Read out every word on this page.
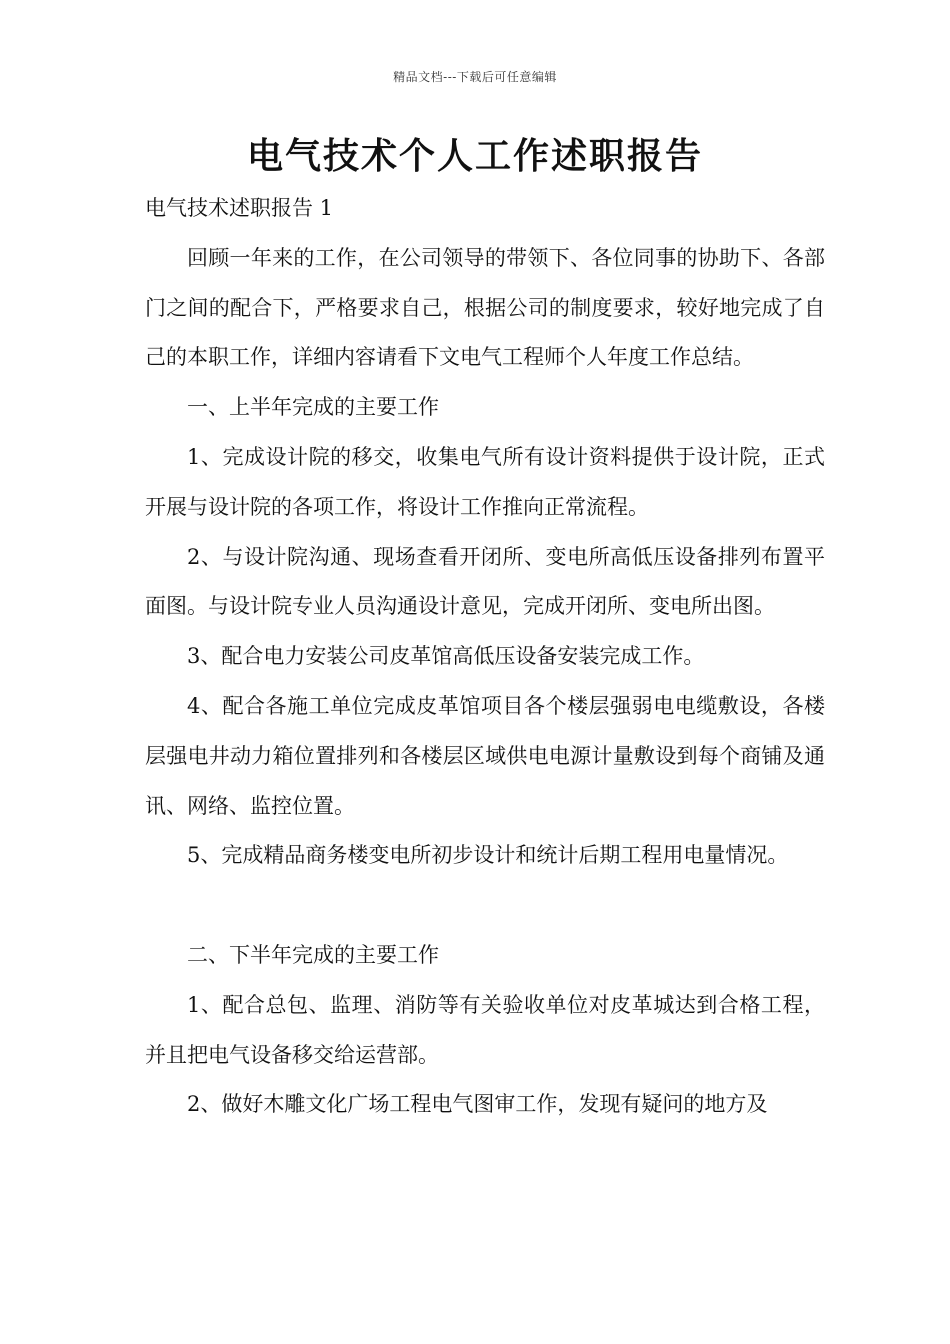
精品文档---下载后可任意编辑
电气技术个人工作述职报告

电气技术述职报告 1

回顾一年来的工作，在公司领导的带领下、各位同事的协助下、各部门之间的配合下，严格要求自己，根据公司的制度要求，较好地完成了自己的本职工作，详细内容请看下文电气工程师个人年度工作总结。

一、上半年完成的主要工作

1、完成设计院的移交，收集电气所有设计资料提供于设计院，正式开展与设计院的各项工作，将设计工作推向正常流程。

2、与设计院沟通、现场查看开闭所、变电所高低压设备排列布置平面图。与设计院专业人员沟通设计意见，完成开闭所、变电所出图。

3、配合电力安装公司皮革馆高低压设备安装完成工作。

4、配合各施工单位完成皮革馆项目各个楼层强弱电电缆敷设，各楼层强电井动力箱位置排列和各楼层区域供电电源计量敷设到每个商铺及通讯、网络、监控位置。

5、完成精品商务楼变电所初步设计和统计后期工程用电量情况。

二、下半年完成的主要工作

1、配合总包、监理、消防等有关验收单位对皮革城达到合格工程，并且把电气设备移交给运营部。

2、做好木雕文化广场工程电气图审工作，发现有疑问的地方及
